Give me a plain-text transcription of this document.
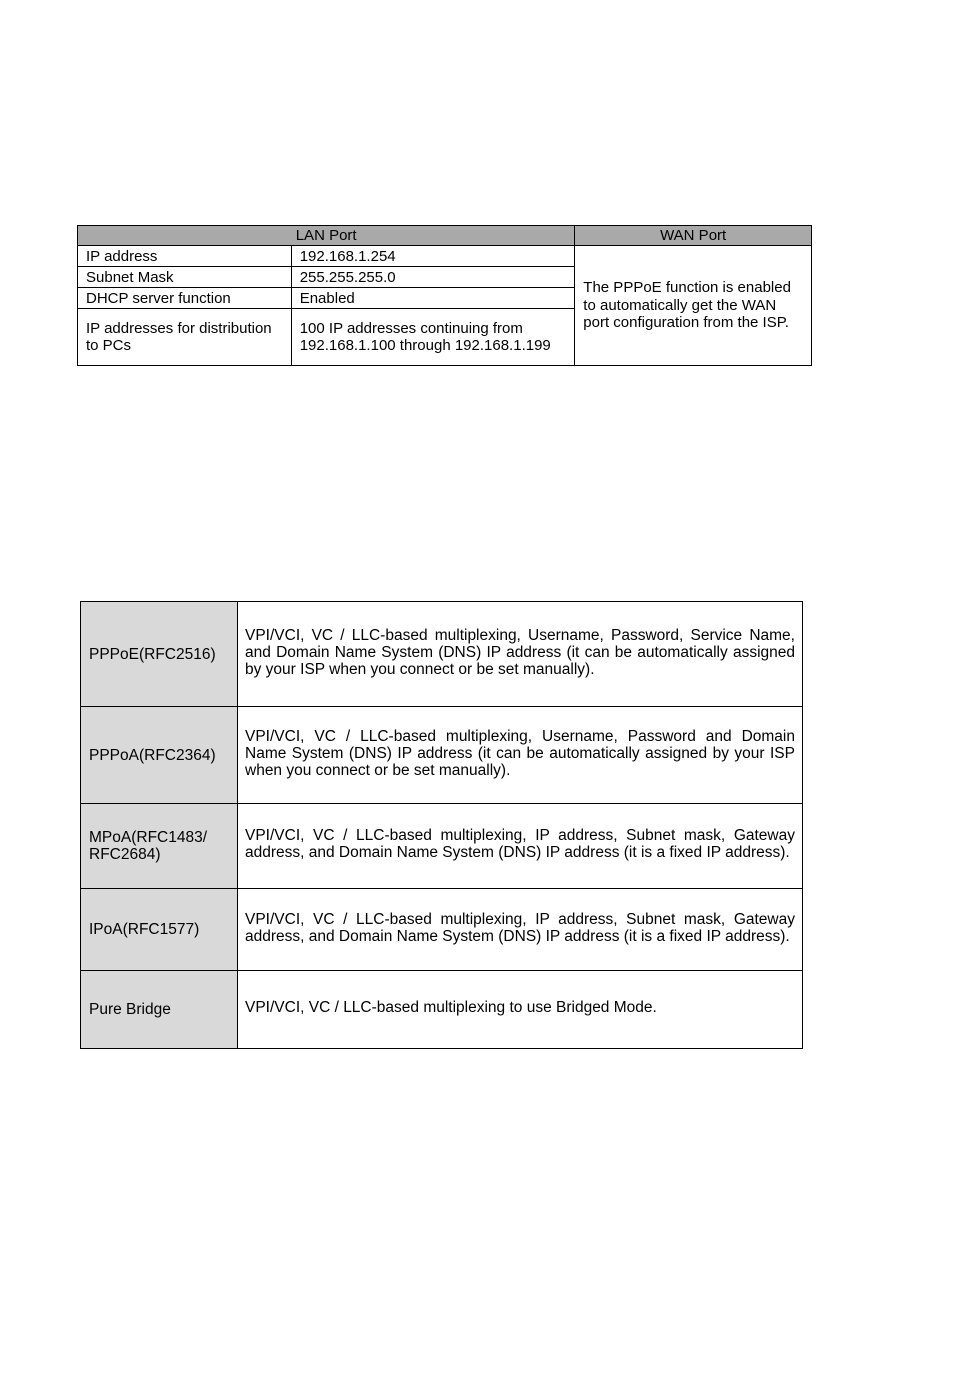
LAN Port		WAN Port
IP address	192.168.1.254	The PPPoE function is enabled to automatically get the WAN port configuration from the ISP.

Subnet Mask	255.255.255.0	
DHCP server function	Enabled	
IP addresses for distribution to PCs	100 IP addresses continuing from 192.168.1.100 through 192.168.1.199	
PPPoE(RFC2516)	VPI/VCI, VC / LLC-based multiplexing, Username, Password, Service Name, and Domain Name System (DNS) IP address (it can be automatically assigned by your ISP when you connect or be set manually).

PPPoA(RFC2364)	VPI/VCI, VC / LLC-based multiplexing, Username, Password and Domain Name System (DNS) IP address (it can be automatically assigned by your ISP when you connect or be set manually).

MPoA(RFC1483/ RFC2684)	VPI/VCI, VC / LLC-based multiplexing, IP address, Subnet mask, Gateway address, and Domain Name System (DNS) IP address (it is a fixed IP address).

IPoA(RFC1577)	VPI/VCI, VC / LLC-based multiplexing, IP address, Subnet mask, Gateway address, and Domain Name System (DNS) IP address (it is a fixed IP address).

Pure Bridge	VPI/VCI, VC / LLC-based multiplexing to use Bridged Mode.
